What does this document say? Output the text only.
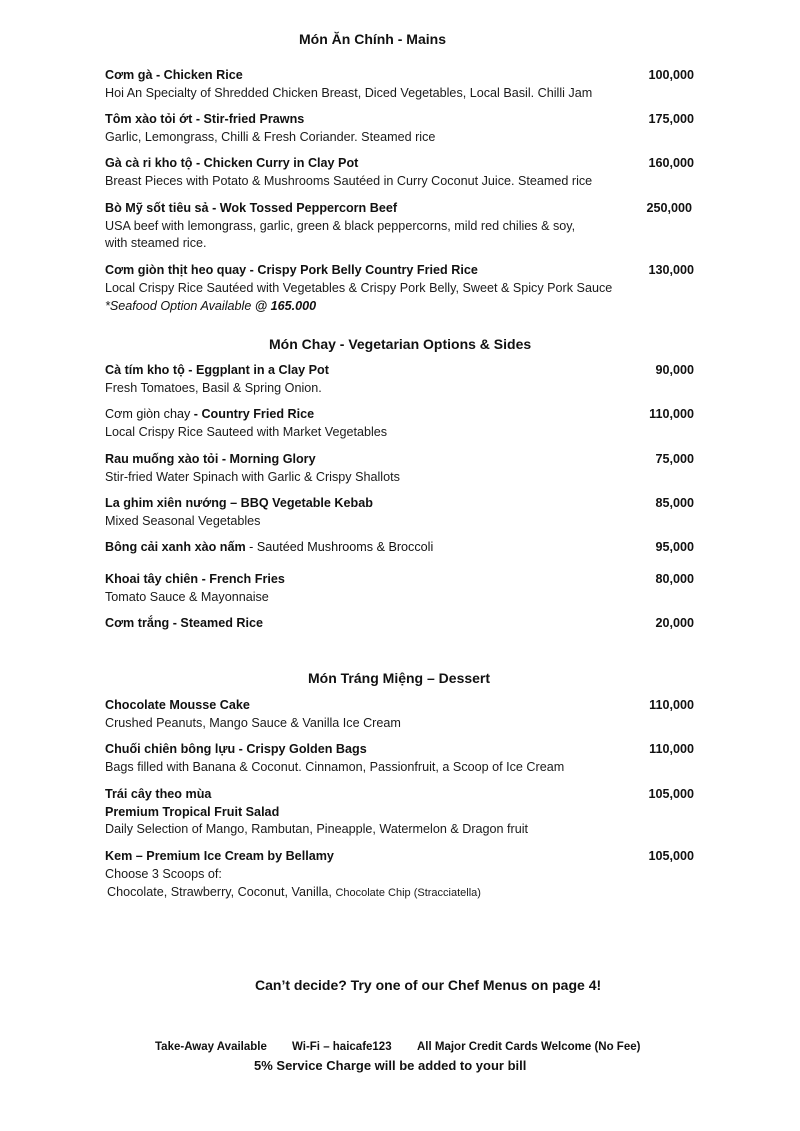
Món Ăn Chính - Mains
Cơm gà - Chicken Rice	100,000
Hoi An Specialty of Shredded Chicken Breast, Diced Vegetables, Local Basil. Chilli Jam
Tôm xào tỏi ớt - Stir-fried Prawns	175,000
Garlic, Lemongrass, Chilli & Fresh Coriander. Steamed rice
Gà cà ri kho tộ - Chicken Curry in Clay Pot	160,000
Breast Pieces with Potato & Mushrooms Sautéed in Curry Coconut Juice. Steamed rice
Bò Mỹ sốt tiêu sả - Wok Tossed Peppercorn Beef	250,000
USA beef with lemongrass, garlic, green & black peppercorns, mild red chilies & soy,
with steamed rice.
Cơm giòn thịt heo quay - Crispy Pork Belly Country Fried Rice	130,000
Local Crispy Rice Sautéed with Vegetables & Crispy Pork Belly, Sweet & Spicy Pork Sauce
*Seafood Option Available @ 165.000
Món Chay - Vegetarian Options & Sides
Cà tím kho tộ - Eggplant in a Clay Pot	90,000
Fresh Tomatoes, Basil & Spring Onion.
Cơm giòn chay - Country Fried Rice	110,000
Local Crispy Rice Sauteed with Market Vegetables
Rau muống xào tỏi - Morning Glory	75,000
Stir-fried Water Spinach with Garlic & Crispy Shallots
La ghim xiên nướng – BBQ Vegetable Kebab	85,000
Mixed Seasonal Vegetables
Bông cải xanh xào nấm - Sautéed Mushrooms & Broccoli	95,000
Khoai tây chiên - French Fries	80,000
Tomato Sauce & Mayonnaise
Cơm trắng - Steamed Rice	20,000
Món Tráng Miệng – Dessert
Chocolate Mousse Cake	110,000
Crushed Peanuts, Mango Sauce & Vanilla Ice Cream
Chuối chiên bông lựu - Crispy Golden Bags	110,000
Bags filled with Banana & Coconut. Cinnamon, Passionfruit, a Scoop of Ice Cream
Trái cây theo mùa	105,000
Premium Tropical Fruit Salad
Daily Selection of Mango, Rambutan, Pineapple, Watermelon & Dragon fruit
Kem – Premium Ice Cream by Bellamy	105,000
Choose 3 Scoops of:
Chocolate, Strawberry, Coconut, Vanilla, Chocolate Chip (Stracciatella)
Can’t decide? Try one of our Chef Menus on page 4!
Take-Away Available Wi-Fi – haicafe123 All Major Credit Cards Welcome (No Fee)
5% Service Charge will be added to your bill
